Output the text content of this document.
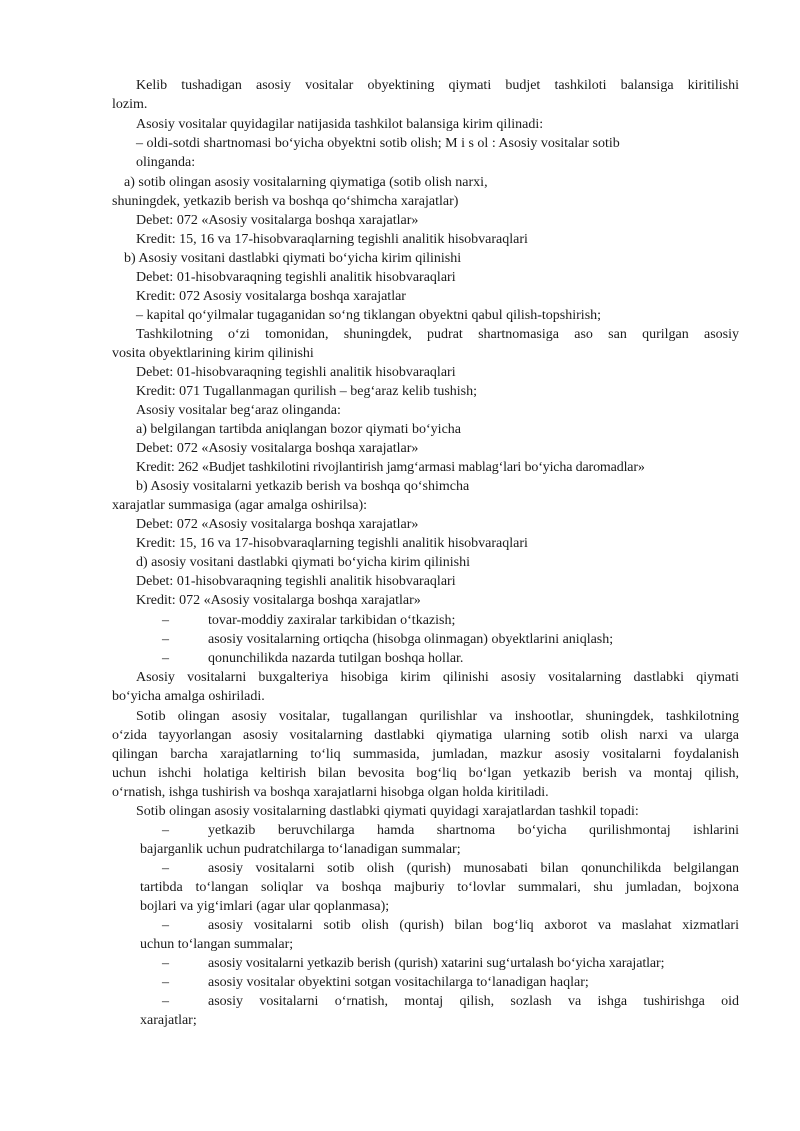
Kelib tushadigan asosiy vositalar obyektining qiymati budjet tashkiloti balansiga kiritilishi
lozim.
Asosiy vositalar quyidagilar natijasida tashkilot balansiga kirim qilinadi:
– oldi-sotdi shartnomasi boʻyicha obyektni sotib olish; M i s ol : Asosiy vositalar sotib
olinganda:
a) sotib olingan asosiy vositalarning qiymatiga (sotib olish narxi,
shuningdek, yetkazib berish va boshqa qoʻshimcha xarajatlar)
Debet: 072 «Asosiy vositalarga boshqa xarajatlar»
Kredit: 15, 16 va 17-hisobvaraqlarning tegishli analitik hisobvaraqlari
b) Asosiy vositani dastlabki qiymati boʻyicha kirim qilinishi
Debet: 01-hisobvaraqning tegishli analitik hisobvaraqlari
Kredit: 072 Asosiy vositalarga boshqa xarajatlar
– kapital qoʻyilmalar tugaganidan soʻng tiklangan obyektni qabul qilish-topshirish;
Tashkilotning oʻzi tomonidan, shuningdek, pudrat shartnomasiga aso san qurilgan asosiy
vosita obyektlarining kirim qilinishi
Debet: 01-hisobvaraqning tegishli analitik hisobvaraqlari
Kredit: 071 Tugallanmagan qurilish – begʻaraz kelib tushish;
Asosiy vositalar begʻaraz olinganda:
a) belgilangan tartibda aniqlangan bozor qiymati boʻyicha
Debet: 072 «Asosiy vositalarga boshqa xarajatlar»
Kredit: 262 «Budjet tashkilotini rivojlantirish jamgʻarmasi mablagʻlari boʻyicha daromadlar»
b) Asosiy vositalarni yetkazib berish va boshqa qoʻshimcha
xarajatlar summasiga (agar amalga oshirilsa):
Debet: 072 «Asosiy vositalarga boshqa xarajatlar»
Kredit: 15, 16 va 17-hisobvaraqlarning tegishli analitik hisobvaraqlari
d) asosiy vositani dastlabki qiymati boʻyicha kirim qilinishi
Debet: 01-hisobvaraqning tegishli analitik hisobvaraqlari
Kredit: 072 «Asosiy vositalarga boshqa xarajatlar»
–	tovar-moddiy zaxiralar tarkibidan oʻtkazish;
–	asosiy vositalarning ortiqcha (hisobga olinmagan) obyektlarini aniqlash;
–	qonunchilikda nazarda tutilgan boshqa hollar.
Asosiy vositalarni buxgalteriya hisobiga kirim qilinishi asosiy vositalarning dastlabki qiymati
boʻyicha amalga oshiriladi.
Sotib olingan asosiy vositalar, tugallangan qurilishlar va inshootlar, shuningdek, tashkilotning
oʻzida tayyorlangan asosiy vositalarning dastlabki qiymatiga ularning sotib olish narxi va ularga
qilingan barcha xarajatlarning toʻliq summasida, jumladan, mazkur asosiy vositalarni foydalanish
uchun ishchi holatiga keltirish bilan bevosita bogʻliq boʻlgan yetkazib berish va montaj qilish,
oʻrnatish, ishga tushirish va boshqa xarajatlarni hisobga olgan holda kiritiladi.
Sotib olingan asosiy vositalarning dastlabki qiymati quyidagi xarajatlardan tashkil topadi:
–	yetkazib beruvchilarga hamda shartnoma boʻyicha qurilishmontaj ishlarini
bajarganlik uchun pudratchilarga toʻlanadigan summalar;
–	asosiy vositalarni sotib olish (qurish) munosabati bilan qonunchilikda belgilangan
tartibda toʻlangan soliqlar va boshqa majburiy toʻlovlar summalari, shu jumladan, bojxona
bojlari va yigʻimlari (agar ular qoplanmasa);
–	asosiy vositalarni sotib olish (qurish) bilan bogʻliq axborot va maslahat xizmatlari
uchun toʻlangan summalar;
–	asosiy vositalarni yetkazib berish (qurish) xatarini sugʻurtalash boʻyicha xarajatlar;
–	asosiy vositalar obyektini sotgan vositachilarga toʻlanadigan haqlar;
–	asosiy vositalarni oʻrnatish, montaj qilish, sozlash va ishga tushirishga oid
xarajatlar;
